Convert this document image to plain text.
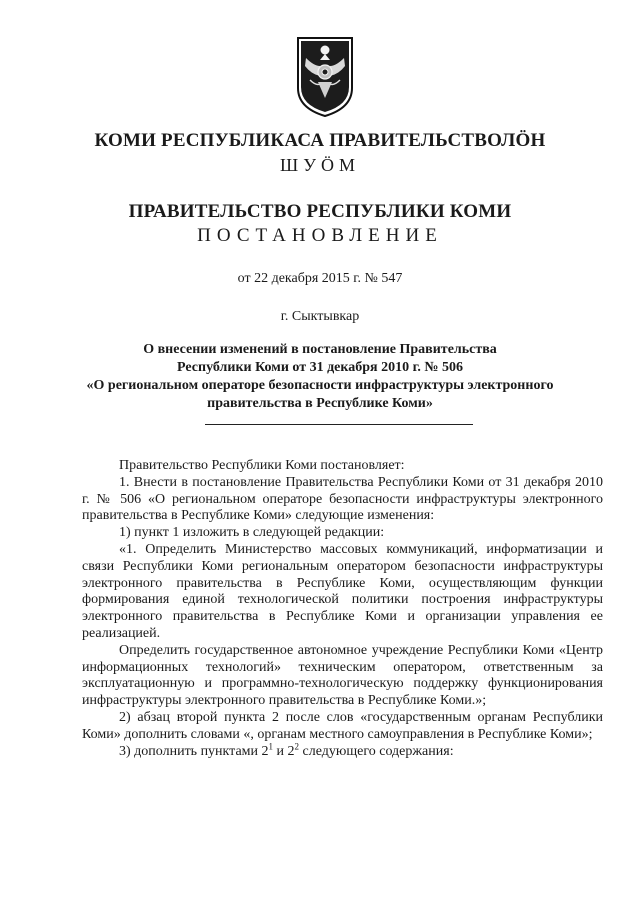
КОМИ РЕСПУБЛИКАСА ПРАВИТЕЛЬСТВОЛÖН
ШУÖМ
ПРАВИТЕЛЬСТВО РЕСПУБЛИКИ КОМИ
ПОСТАНОВЛЕНИЕ
от 22 декабря 2015 г. № 547
г. Сыктывкар
О внесении изменений в постановление Правительства
Республики Коми от 31 декабря 2010 г. № 506
«О региональном операторе безопасности инфраструктуры электронного
правительства в Республике Коми»

Правительство Республики Коми постановляет:

1. Внести в постановление Правительства Республики Коми от 31 декабря 2010 г. № 506 «О региональном операторе безопасности инфраструктуры электронного правительства в Республике Коми» следующие изменения:

1) пункт 1 изложить в следующей редакции:

«1. Определить Министерство массовых коммуникаций, информатизации и связи Республики Коми региональным оператором безопасности инфраструктуры электронного правительства в Республике Коми, осуществляющим функции формирования единой технологической политики построения инфраструктуры электронного правительства в Республике Коми и организации управления ее реализацией.

Определить государственное автономное учреждение Республики Коми «Центр информационных технологий» техническим оператором, ответственным за эксплуатационную и программно-технологическую поддержку функционирования инфраструктуры электронного правительства в Республике Коми.»;

2) абзац второй пункта 2 после слов «государственным органам Республики Коми» дополнить словами «, органам местного самоуправления в Республике Коми»;

3) дополнить пунктами $2^1$ и $2^2$ следующего содержания:
